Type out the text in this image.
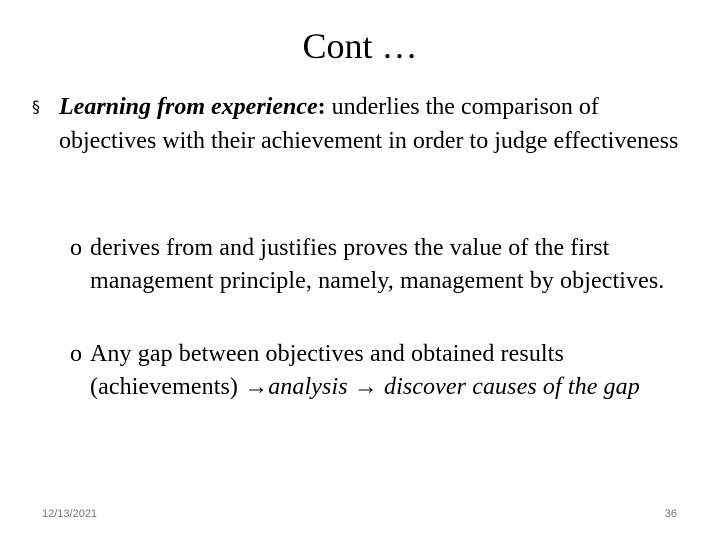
Cont …
§ Learning from experience: underlies the comparison of objectives with their achievement in order to judge effectiveness
o derives from and justifies proves the value of the first management principle, namely, management by objectives.
o Any gap between objectives and obtained results (achievements) →analysis → discover causes of the gap
12/13/2021	36
